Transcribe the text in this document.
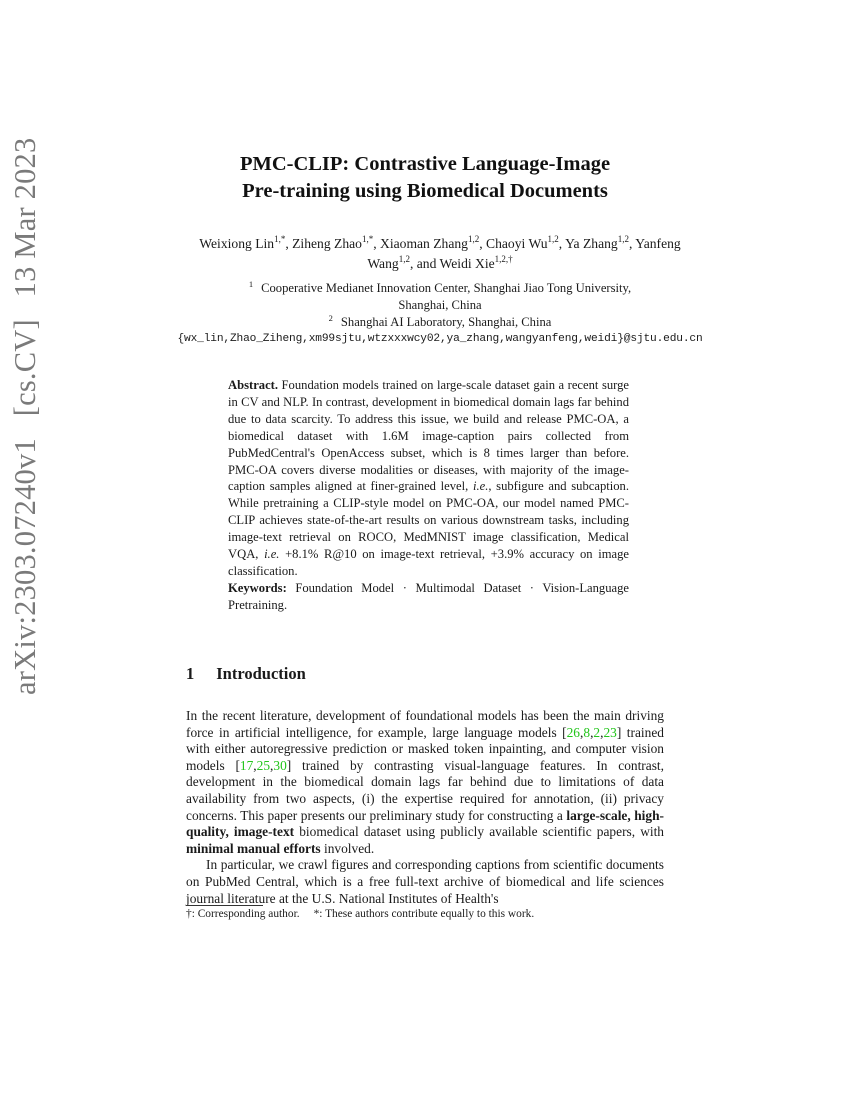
arXiv:2303.07240v1 [cs.CV] 13 Mar 2023	PMC-CLIP: Contrastive Language-Image
Pre-training using Biomedical Documents
Weixiong Lin$^{1,*}$, Ziheng Zhao$^{1,*}$, Xiaoman Zhang$^{1,2}$, Chaoyi Wu$^{1,2}$, Ya Zhang$^{1,2}$, Yanfeng Wang$^{1,2}$, and Weidi Xie$^{1,2,\dagger}$
$^1$ Cooperative Medianet Innovation Center, Shanghai Jiao Tong University,
Shanghai, China
$^2$ Shanghai AI Laboratory, Shanghai, China
{wx_lin,Zhao_Ziheng,xm99sjtu,wtzxxxwcy02,ya_zhang,wangyanfeng,weidi}@sjtu.edu.cn
Abstract. Foundation models trained on large-scale dataset gain a recent surge in CV and NLP. In contrast, development in biomedical domain lags far behind due to data scarcity. To address this issue, we build and release PMC-OA, a biomedical dataset with 1.6M image-caption pairs collected from PubMedCentral's OpenAccess subset, which is 8 times larger than before. PMC-OA covers diverse modalities or diseases, with majority of the image-caption samples aligned at finer-grained level, i.e., subfigure and subcaption. While pretraining a CLIP-style model on PMC-OA, our model named PMC-CLIP achieves state-of-the-art results on various downstream tasks, including image-text retrieval on ROCO, MedMNIST image classification, Medical VQA, i.e. +8.1% R@10 on image-text retrieval, +3.9% accuracy on image classification.
Keywords: Foundation Model · Multimodal Dataset · Vision-Language Pretraining.
1 Introduction

In the recent literature, development of foundational models has been the main driving force in artificial intelligence, for example, large language models [26,8,2,23] trained with either autoregressive prediction or masked token inpainting, and computer vision models [17,25,30] trained by contrasting visual-language features. In contrast, development in the biomedical domain lags far behind due to limitations of data availability from two aspects, (i) the expertise required for annotation, (ii) privacy concerns. This paper presents our preliminary study for constructing a large-scale, high-quality, image-text biomedical dataset using publicly available scientific papers, with minimal manual efforts involved.

In particular, we crawl figures and corresponding captions from scientific documents on PubMed Central, which is a free full-text archive of biomedical and life sciences journal literature at the U.S. National Institutes of Health's

†: Corresponding author. *: These authors contribute equally to this work.
